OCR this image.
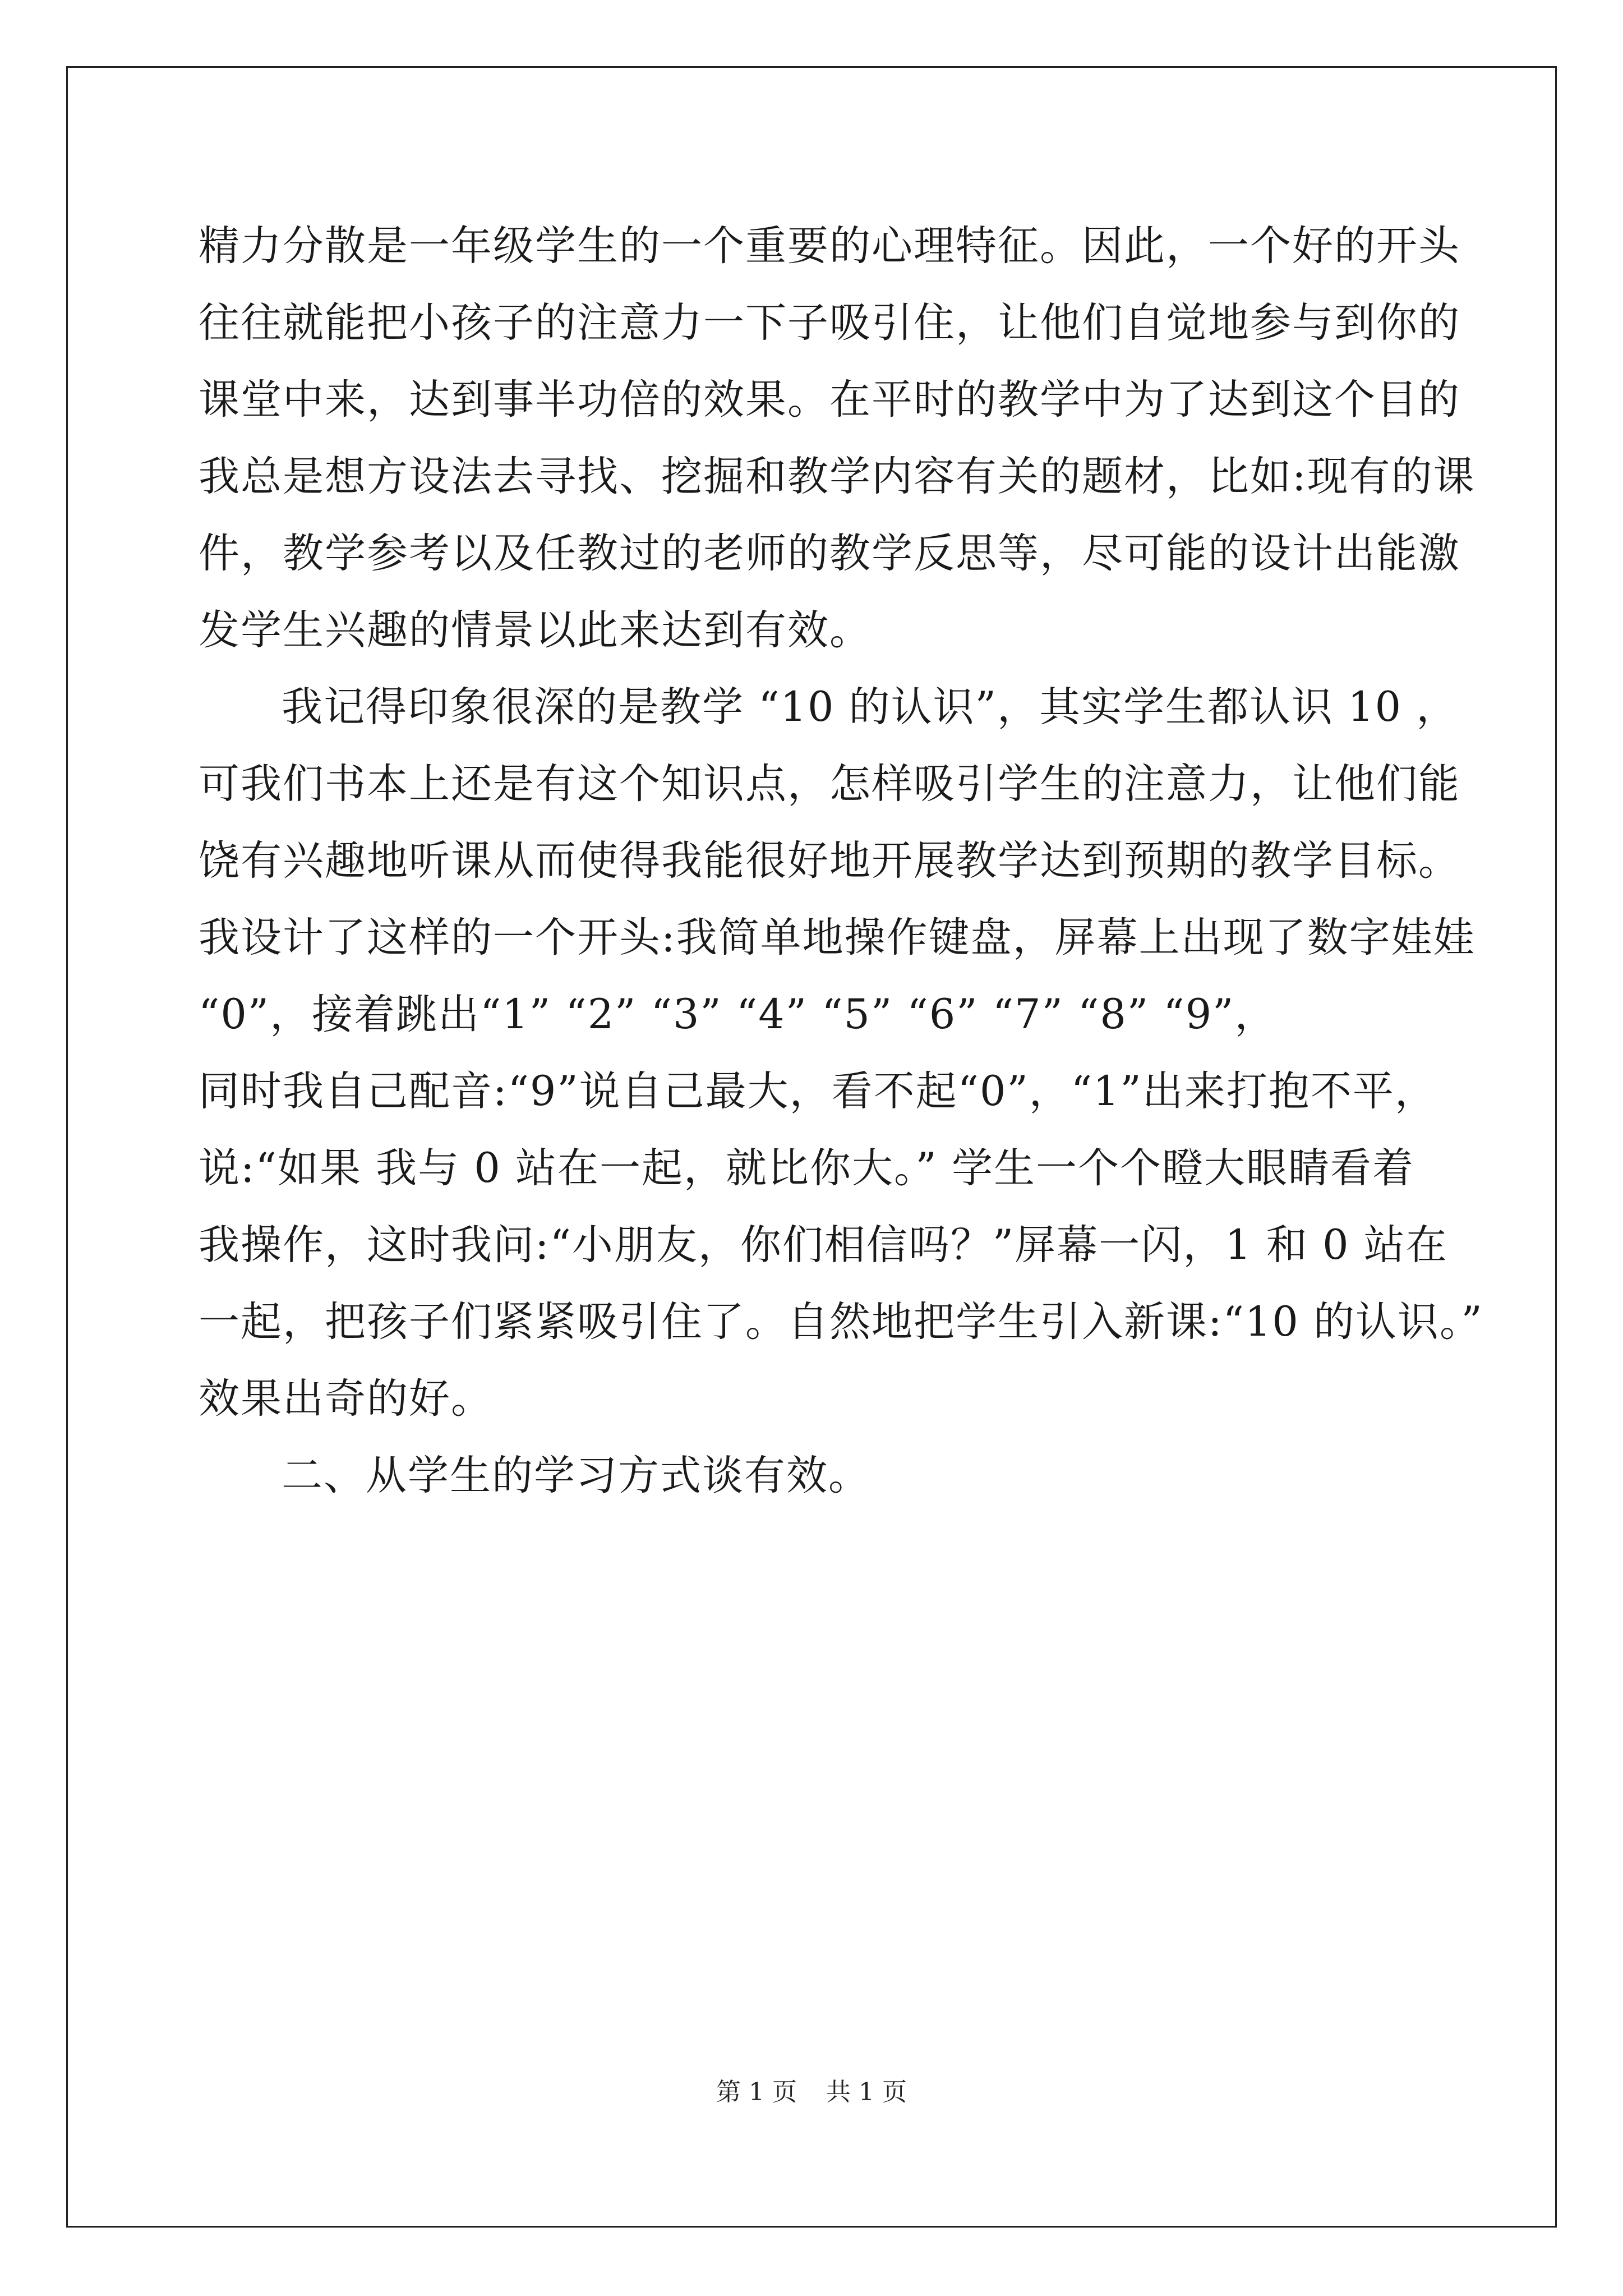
精力分散是一年级学生的一个重要的心理特征。因此，一个好的开头
往往就能把小孩子的注意力一下子吸引住，让他们自觉地参与到你的
课堂中来，达到事半功倍的效果。在平时的教学中为了达到这个目的
我总是想方设法去寻找、挖掘和教学内容有关的题材，比如:现有的课
件，教学参考以及任教过的老师的教学反思等，尽可能的设计出能激
发学生兴趣的情景以此来达到有效。
我记得印象很深的是教学 “10 的认识”，其实学生都认识 10 ，
可我们书本上还是有这个知识点，怎样吸引学生的注意力，让他们能
饶有兴趣地听课从而使得我能很好地开展教学达到预期的教学目标。
我设计了这样的一个开头:我简单地操作键盘，屏幕上出现了数字娃娃
“0”，接着跳出“1” “2” “3” “4” “5” “6” “7” “8” “9”，
同时我自己配音:“9”说自己最大，看不起“0”，“1”出来打抱不平，
说:“如果 我与 0 站在一起，就比你大。” 学生一个个瞪大眼睛看着
我操作，这时我问:“小朋友，你们相信吗？”屏幕一闪，1 和 0 站在
一起，把孩子们紧紧吸引住了。自然地把学生引入新课:“10 的认识。”
效果出奇的好。
二、从学生的学习方式谈有效。
第 1 页 共 1 页
